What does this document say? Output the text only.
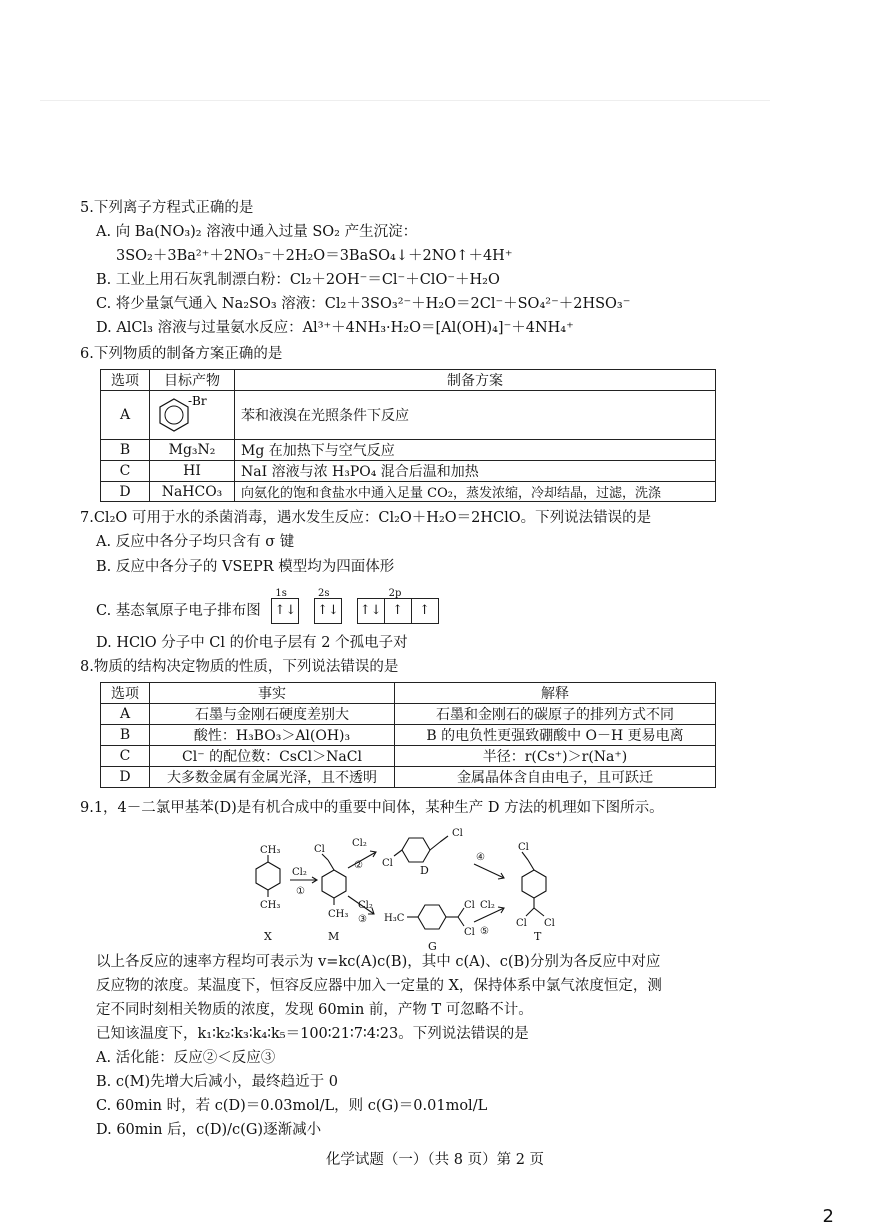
5.下列离子方程式正确的是
A. 向 Ba(NO₃)₂ 溶液中通入过量 SO₂ 产生沉淀：
3SO₂＋3Ba²⁺＋2NO₃⁻＋2H₂O＝3BaSO₄↓＋2NO↑＋4H⁺
B. 工业上用石灰乳制漂白粉：Cl₂＋2OH⁻＝Cl⁻＋ClO⁻＋H₂O
C. 将少量氯气通入 Na₂SO₃ 溶液：Cl₂＋3SO₃²⁻＋H₂O＝2Cl⁻＋SO₄²⁻＋2HSO₃⁻
D. AlCl₃ 溶液与过量氨水反应：Al³⁺＋4NH₃·H₂O＝[Al(OH)₄]⁻＋4NH₄⁺
6.下列物质的制备方案正确的是
选项	目标产物	制备方案
A	-Br	苯和液溴在光照条件下反应
B	Mg₃N₂	Mg 在加热下与空气反应
C	HI	NaI 溶液与浓 H₃PO₄ 混合后温和加热
D	NaHCO₃	向氨化的饱和食盐水中通入足量 CO₂，蒸发浓缩，冷却结晶，过滤，洗涤
7.Cl₂O 可用于水的杀菌消毒，遇水发生反应：Cl₂O＋H₂O＝2HClO。下列说法错误的是
A. 反应中各分子均只含有 σ 键
B. 反应中各分子的 VSEPR 模型均为四面体形
C. 基态氧原子电子排布图
1s
↑↓
2s
↑↓
2p
↑↓ ↑ ↑
D. HClO 分子中 Cl 的价电子层有 2 个孤电子对
8.物质的结构决定物质的性质，下列说法错误的是
选项	事实	解释
A	石墨与金刚石硬度差别大	石墨和金刚石的碳原子的排列方式不同
B	酸性：H₃BO₃＞Al(OH)₃	B 的电负性更强致硼酸中 O－H 更易电离
C	Cl⁻ 的配位数：CsCl＞NaCl	半径：r(Cs⁺)＞r(Na⁺)
D	大多数金属有金属光泽，且不透明	金属晶体含自由电子，且可跃迁
9.1，4－二氯甲基苯(D)是有机合成中的重要中间体，某种生产 D 方法的机理如下图所示。
CH₃
CH₃
X
Cl₂
①
Cl
CH₃
M
Cl₂
② Cl
Cl
D
Cl₂
③ H₃C
Cl
Cl
G
④
Cl₂
⑤
Cl
Cl Cl
T
以上各反应的速率方程均可表示为 v=kc(A)c(B)，其中 c(A)、c(B)分别为各反应中对应
反应物的浓度。某温度下，恒容反应器中加入一定量的 X，保持体系中氯气浓度恒定，测
定不同时刻相关物质的浓度，发现 60min 前，产物 T 可忽略不计。
已知该温度下，k₁∶k₂∶k₃∶k₄∶k₅＝100∶21∶7∶4∶23。下列说法错误的是
A. 活化能：反应②＜反应③
B. c(M)先增大后减小，最终趋近于 0
C. 60min 时，若 c(D)＝0.03mol/L，则 c(G)＝0.01mol/L
D. 60min 后，c(D)/c(G)逐渐减小
化学试题（一）（共 8 页）第 2 页
2
